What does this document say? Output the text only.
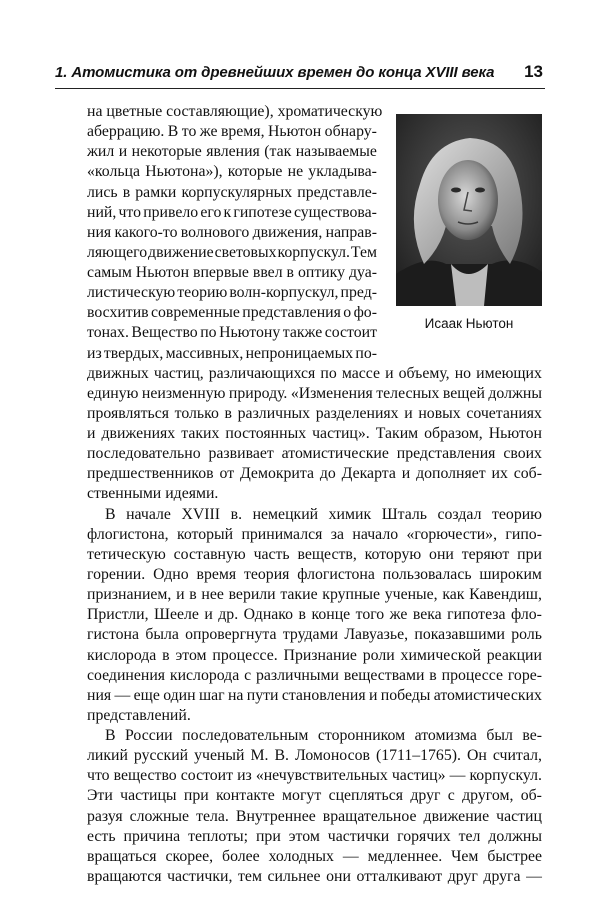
1. Атомистика от древнейших времен до конца XVIII века 13
Исаак Ньютон
на цветные составляющие), хроматическую
аберрацию. В то же время, Ньютон обнару-
жил и некоторые явления (так называемые
«кольца Ньютона»), которые не укладыва-
лись в рамки корпускулярных представле-
ний, что привело его к гипотезе существова-
ния какого-то волнового движения, направ-
ляющего движение световых корпускул. Тем
самым Ньютон впервые ввел в оптику дуа-
листическую теорию волн-корпускул, пред-
восхитив современные представления о фо-
тонах. Вещество по Ньютону также состоит
из твердых, массивных, непроницаемых по-
движных частиц, различающихся по массе и объему, но имеющих
единую неизменную природу. «Изменения телесных вещей должны
проявляться только в различных разделениях и новых сочетаниях
и движениях таких постоянных частиц». Таким образом, Ньютон
последовательно развивает атомистические представления своих
предшественников от Демокрита до Декарта и дополняет их соб-
ственными идеями.
В начале XVIII в. немецкий химик Шталь создал теорию
флогистона, который принимался за начало «горючести», гипо-
тетическую составную часть веществ, которую они теряют при
горении. Одно время теория флогистона пользовалась широким
признанием, и в нее верили такие крупные ученые, как Кавендиш,
Пристли, Шееле и др. Однако в конце того же века гипотеза фло-
гистона была опровергнута трудами Лавуазье, показавшими роль
кислорода в этом процессе. Признание роли химической реакции
соединения кислорода с различными веществами в процессе горе-
ния — еще один шаг на пути становления и победы атомистических
представлений.
В России последовательным сторонником атомизма был ве-
ликий русский ученый М. В. Ломоносов (1711–1765). Он считал,
что вещество состоит из «нечувствительных частиц» — корпускул.
Эти частицы при контакте могут сцепляться друг с другом, об-
разуя сложные тела. Внутреннее вращательное движение частиц
есть причина теплоты; при этом частички горячих тел должны
вращаться скорее, более холодных — медленнее. Чем быстрее
вращаются частички, тем сильнее они отталкивают друг друга —
